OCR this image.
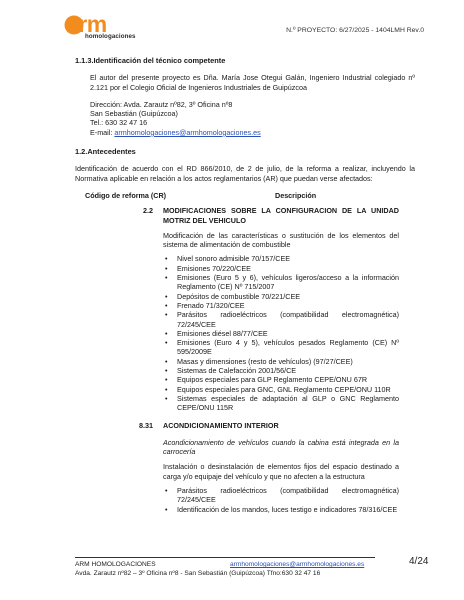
arm
homologaciones
N.º PROYECTO: 6/27/2025 - 1404LMH Rev.0
1.1.3.Identificación del técnico competente
El autor del presente proyecto es Dña. María Jose Otegui Galán, Ingeniero Industrial colegiado nº 2.121 por el Colegio Oficial de Ingenieros Industriales de Guipúzcoa
Dirección: Avda. Zarautz nº82, 3º Oficina nº8
San Sebastián (Guipúzcoa)
Tel.: 630 32 47 16
E-mail: armhomologaciones@armhomologaciones.es
1.2.Antecedentes
Identificación de acuerdo con el RD 866/2010, de 2 de julio, de la reforma a realizar, incluyendo la Normativa aplicable en relación a los actos reglamentarios (AR) que puedan verse afectados:
Código de reforma (CR)	Descripción
2.2	MODIFICACIONES SOBRE LA CONFIGURACION DE LA UNIDAD MOTRIZ DEL VEHICULO
Modificación de las características o sustitución de los elementos del sistema de alimentación de combustible
• Nivel sonoro admisible 70/157/CEE
• Emisiones 70/220/CEE
• Emisiones (Euro 5 y 6), vehículos ligeros/acceso a la información Reglamento (CE) Nº 715/2007
• Depósitos de combustible 70/221/CEE
• Frenado 71/320/CEE
• Parásitos radioeléctricos (compatibilidad electromagnética) 72/245/CEE
• Emisiones diésel 88/77/CEE
• Emisiones (Euro 4 y 5), vehículos pesados Reglamento (CE) Nº 595/2009E
• Masas y dimensiones (resto de vehículos) (97/27/CEE)
• Sistemas de Calefacción 2001/56/CE
• Equipos especiales para GLP Reglamento CEPE/ONU 67R
• Equipos especiales para GNC, GNL Reglamento CEPE/ONU 110R
• Sistemas especiales de adaptación al GLP o GNC Reglamento CEPE/ONU 115R
8.31	ACONDICIONAMIENTO INTERIOR
Acondicionamiento de vehículos cuando la cabina está integrada en la carrocería
Instalación o desinstalación de elementos fijos del espacio destinado a carga y/o equipaje del vehículo y que no afecten a la estructura
• Parásitos radioeléctricos (compatibilidad electromagnética) 72/245/CEE
• Identificación de los mandos, luces testigo e indicadores 78/316/CEE
ARM HOMOLOGACIONES
Avda. Zarautz nº82 – 3º Oficina nº8 - San Sebastián (Guipúzcoa) Tfno:630 32 47 16
armhomologaciones@armhomologaciones.es	4/24
